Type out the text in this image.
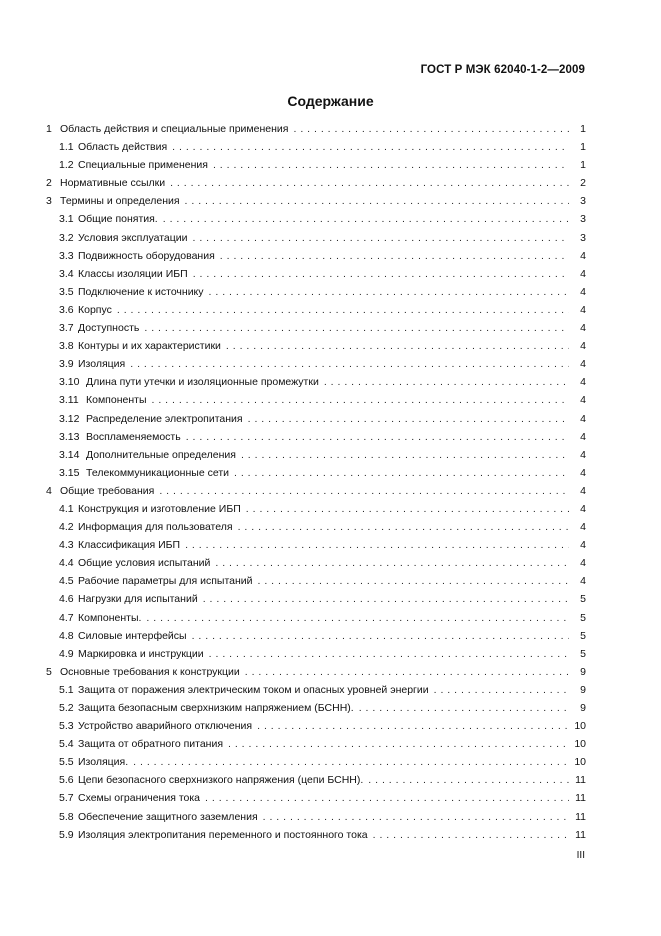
ГОСТ Р МЭК 62040-1-2—2009
Содержание
1 Область действия и специальные применения . . .	1
1.1 Область действия . . .	1
1.2 Специальные применения . . .	1
2 Нормативные ссылки . . .	2
3 Термины и определения . . .	3
3.1 Общие понятия. . . .	3
3.2 Условия эксплуатации . . .	3
3.3 Подвижность оборудования . . .	4
3.4 Классы изоляции ИБП . . .	4
3.5 Подключение к источнику . . .	4
3.6 Корпус . . .	4
3.7 Доступность . . .	4
3.8 Контуры и их характеристики . . .	4
3.9 Изоляция . . .	4
3.10 Длина пути утечки и изоляционные промежутки . . .	4
3.11 Компоненты . . .	4
3.12 Распределение электропитания . . .	4
3.13 Воспламеняемость . . .	4
3.14 Дополнительные определения . . .	4
3.15 Телекоммуникационные сети . . .	4
4 Общие требования . . .	4
4.1 Конструкция и изготовление ИБП . . .	4
4.2 Информация для пользователя . . .	4
4.3 Классификация ИБП . . .	4
4.4 Общие условия испытаний . . .	4
4.5 Рабочие параметры для испытаний . . .	4
4.6 Нагрузки для испытаний . . .	5
4.7 Компоненты. . . .	5
4.8 Силовые интерфейсы . . .	5
4.9 Маркировка и инструкции . . .	5
5 Основные требования к конструкции . . .	9
5.1 Защита от поражения электрическим током и опасных уровней энергии . . .	9
5.2 Защита безопасным сверхнизким напряжением (БСНН). . . .	9
5.3 Устройство аварийного отключения . . .	10
5.4 Защита от обратного питания . . .	10
5.5 Изоляция. . . .	10
5.6 Цепи безопасного сверхнизкого напряжения (цепи БСНН). . . .	11
5.7 Схемы ограничения тока . . .	11
5.8 Обеспечение защитного заземления . . .	11
5.9 Изоляция электропитания переменного и постоянного тока . . .	11
III
